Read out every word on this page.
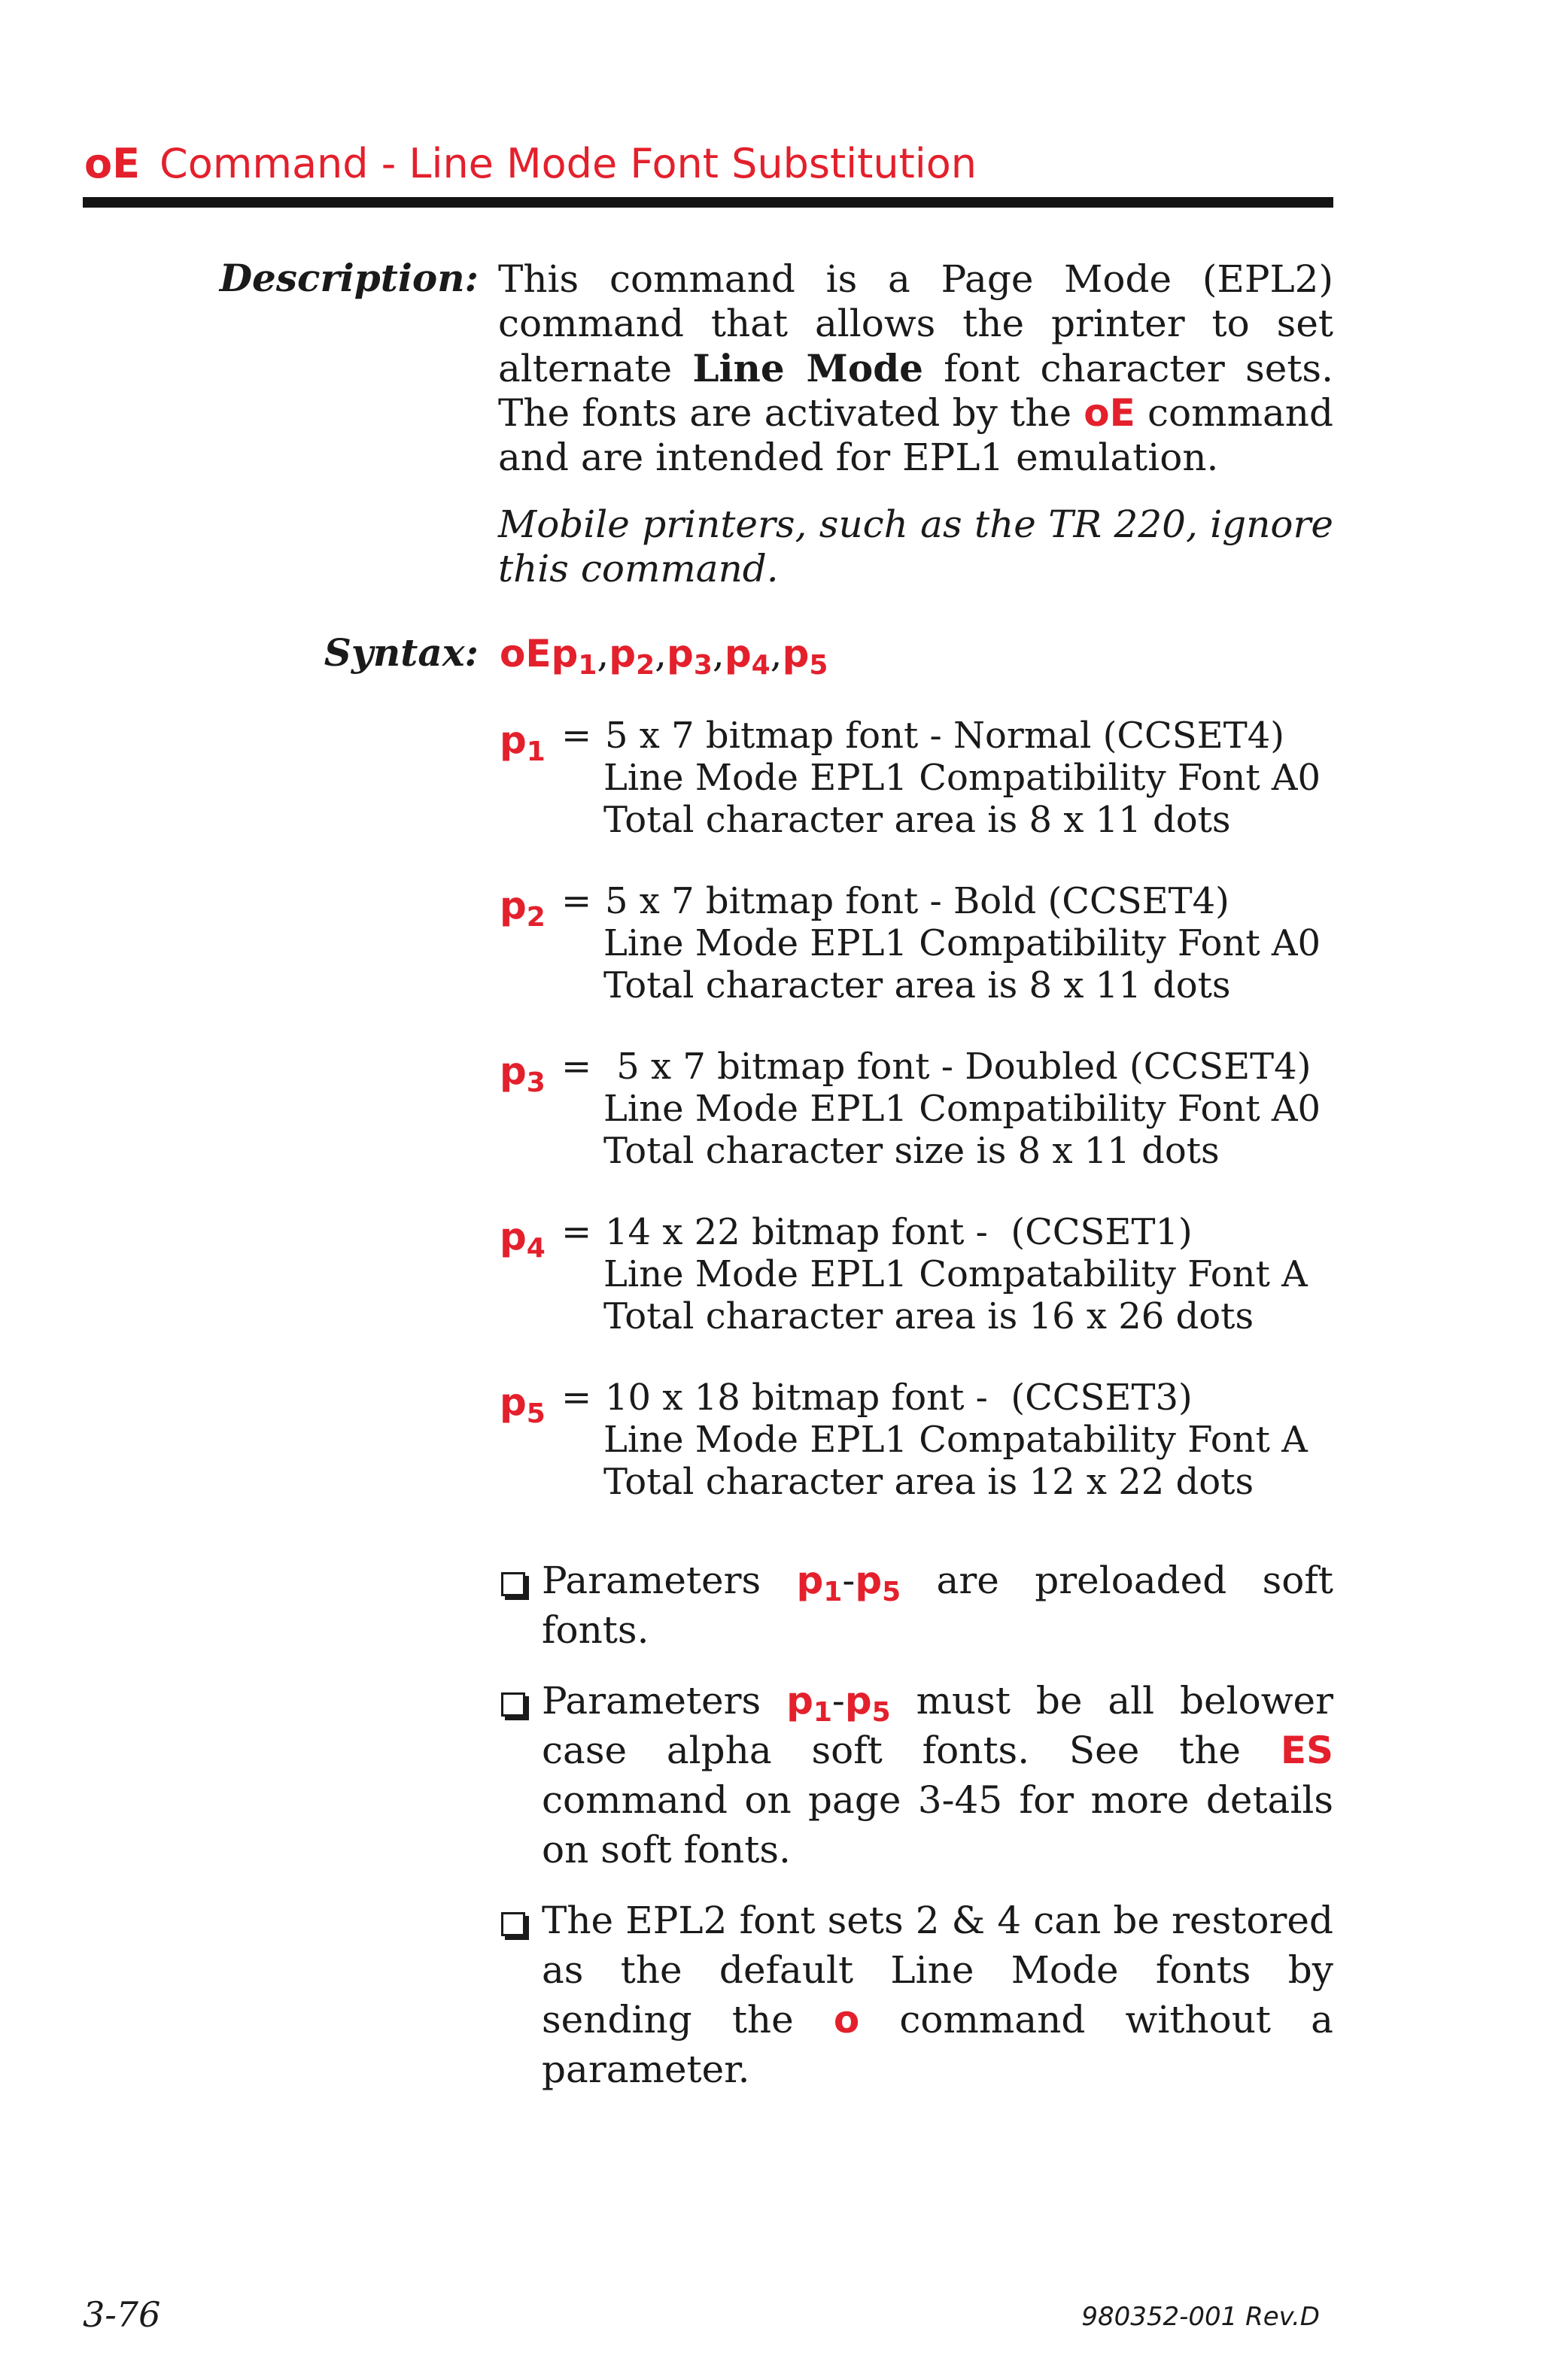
oE Command - Line Mode Font Substitution
Description: This command is a Page Mode (EPL2) command that allows the printer to set alternate Line Mode font character sets. The fonts are activated by the oE command and are intended for EPL1 emulation.

Mobile printers, such as the TR 220, ignore this command.

Syntax: $oEp_1,p_2,p_3,p_4,p_5$
$p_1 = 5$ x 7 bitmap font - Normal (CCSET4)
Line Mode EPL1 Compatibility Font A0
Total character area is 8 x 11 dots
$p_2 = 5$ x 7 bitmap font - Bold (CCSET4)
Line Mode EPL1 Compatibility Font A0
Total character area is 8 x 11 dots
$p_3 = 5$ x 7 bitmap font - Doubled (CCSET4)
Line Mode EPL1 Compatibility Font A0
Total character size is 8 x 11 dots
$p_4 = 14$ x 22 bitmap font -  (CCSET1)
Line Mode EPL1 Compatability Font A
Total character area is 16 x 26 dots
$p_5 = 10$ x 18 bitmap font -  (CCSET3)
Line Mode EPL1 Compatability Font A
Total character area is 12 x 22 dots
Parameters $p_1-p_5$ are preloaded soft fonts.
Parameters $p_1-p_5$ must be all belower case alpha soft fonts. See the ES command on page 3-45 for more details on soft fonts.
The EPL2 font sets 2 & 4 can be restored as the default Line Mode fonts by sending the o command without a parameter.
3-76	980352-001 Rev.D
